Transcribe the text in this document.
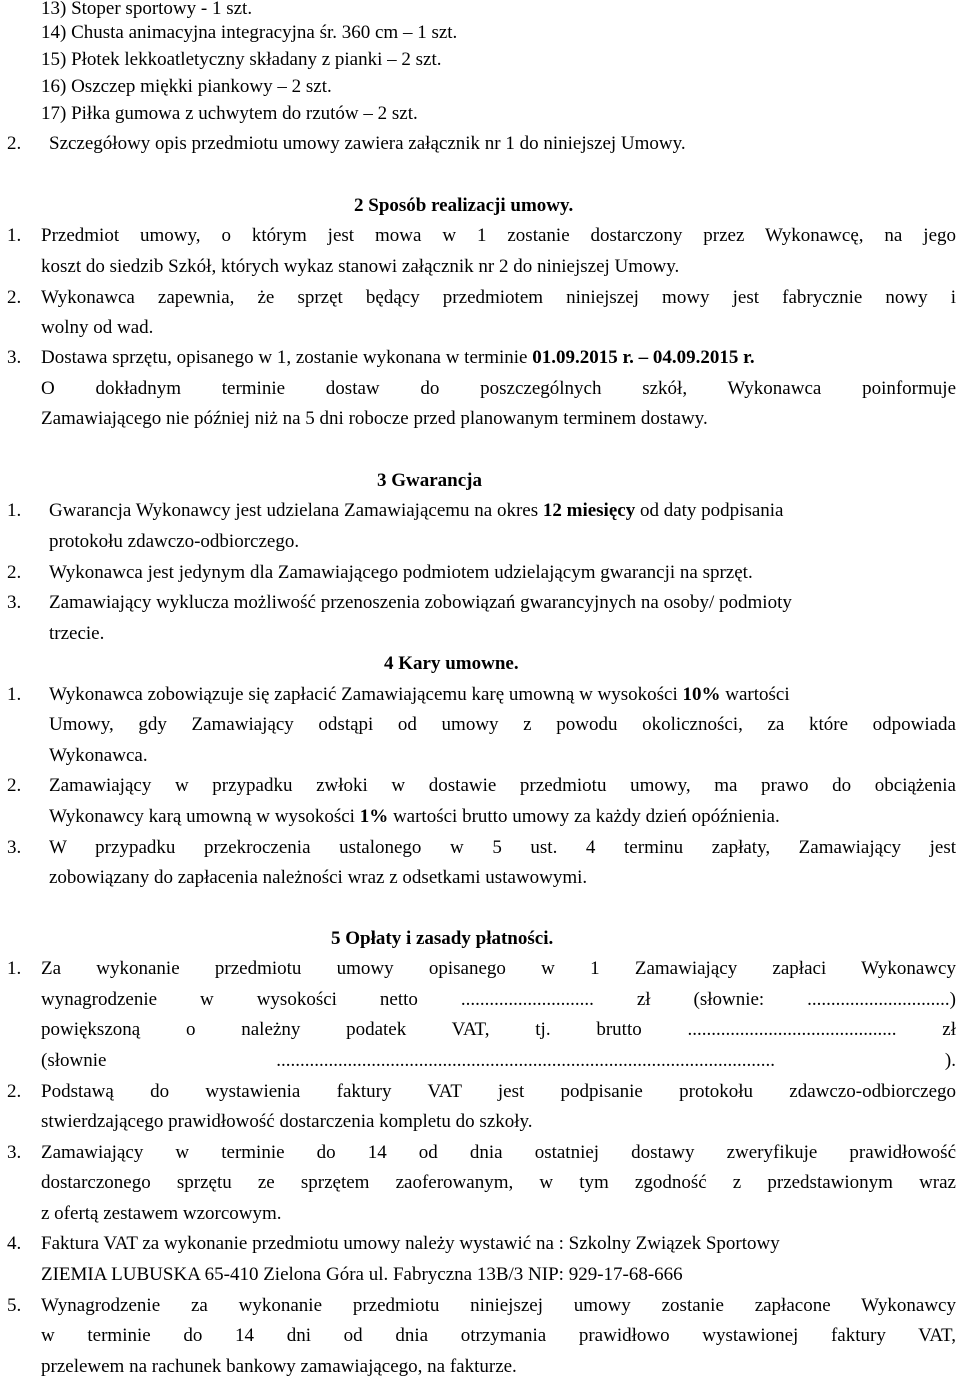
13) Stoper sportowy - 1 szt.
14) Chusta animacyjna integracyjna śr. 360 cm – 1 szt.
15) Płotek lekkoatletyczny składany z pianki – 2 szt.
16) Oszczep miękki piankowy – 2 szt.
17) Piłka gumowa z uchwytem do rzutów – 2 szt.
2. Szczegółowy opis przedmiotu umowy zawiera załącznik nr 1 do niniejszej Umowy.
2 Sposób realizacji umowy.
1. Przedmiot umowy, o którym jest mowa w 1 zostanie dostarczony przez Wykonawcę, na jego
koszt do siedzib Szkół, których wykaz stanowi załącznik nr 2 do niniejszej Umowy.
2. Wykonawca zapewnia, że sprzęt będący przedmiotem niniejszej mowy jest fabrycznie nowy i
wolny od wad.
3. Dostawa sprzętu, opisanego w 1, zostanie wykonana w terminie 01.09.2015 r. – 04.09.2015 r.
O dokładnym terminie dostaw do poszczególnych szkół, Wykonawca poinformuje
Zamawiającego nie później niż na 5 dni robocze przed planowanym terminem dostawy.
3 Gwarancja
1. Gwarancja Wykonawcy jest udzielana Zamawiającemu na okres 12 miesięcy od daty podpisania
protokołu zdawczo-odbiorczego.
2. Wykonawca jest jedynym dla Zamawiającego podmiotem udzielającym gwarancji na sprzęt.
3. Zamawiający wyklucza możliwość przenoszenia zobowiązań gwarancyjnych na osoby/ podmioty
trzecie.
4 Kary umowne.
1. Wykonawca zobowiązuje się zapłacić Zamawiającemu karę umowną w wysokości 10% wartości
Umowy, gdy Zamawiający odstąpi od umowy z powodu okoliczności, za które odpowiada
Wykonawca.
2. Zamawiający w przypadku zwłoki w dostawie przedmiotu umowy, ma prawo do obciążenia
Wykonawcy karą umowną w wysokości 1% wartości brutto umowy za każdy dzień opóźnienia.
3. W przypadku przekroczenia ustalonego w 5 ust. 4 terminu zapłaty, Zamawiający jest
zobowiązany do zapłacenia należności wraz z odsetkami ustawowymi.
5 Opłaty i zasady płatności.
1. Za wykonanie przedmiotu umowy opisanego w 1 Zamawiający zapłaci Wykonawcy
wynagrodzenie w wysokości netto ............................ zł (słownie: ..............................)
powiększoną o należny podatek VAT, tj. brutto ............................................ zł
(słownie ......................................................................................................... ).
2. Podstawą do wystawienia faktury VAT jest podpisanie protokołu zdawczo-odbiorczego
stwierdzającego prawidłowość dostarczenia kompletu do szkoły.
3. Zamawiający w terminie do 14 od dnia ostatniej dostawy zweryfikuje prawidłowość
dostarczonego sprzętu ze sprzętem zaoferowanym, w tym zgodność z przedstawionym wraz
z ofertą zestawem wzorcowym.
4. Faktura VAT za wykonanie przedmiotu umowy należy wystawić na : Szkolny Związek Sportowy
ZIEMIA LUBUSKA 65-410 Zielona Góra ul. Fabryczna 13B/3 NIP: 929-17-68-666
5. Wynagrodzenie za wykonanie przedmiotu niniejszej umowy zostanie zapłacone Wykonawcy
w terminie do 14 dni od dnia otrzymania prawidłowo wystawionej faktury VAT,
przelewem na rachunek bankowy zamawiającego, na fakturze.
